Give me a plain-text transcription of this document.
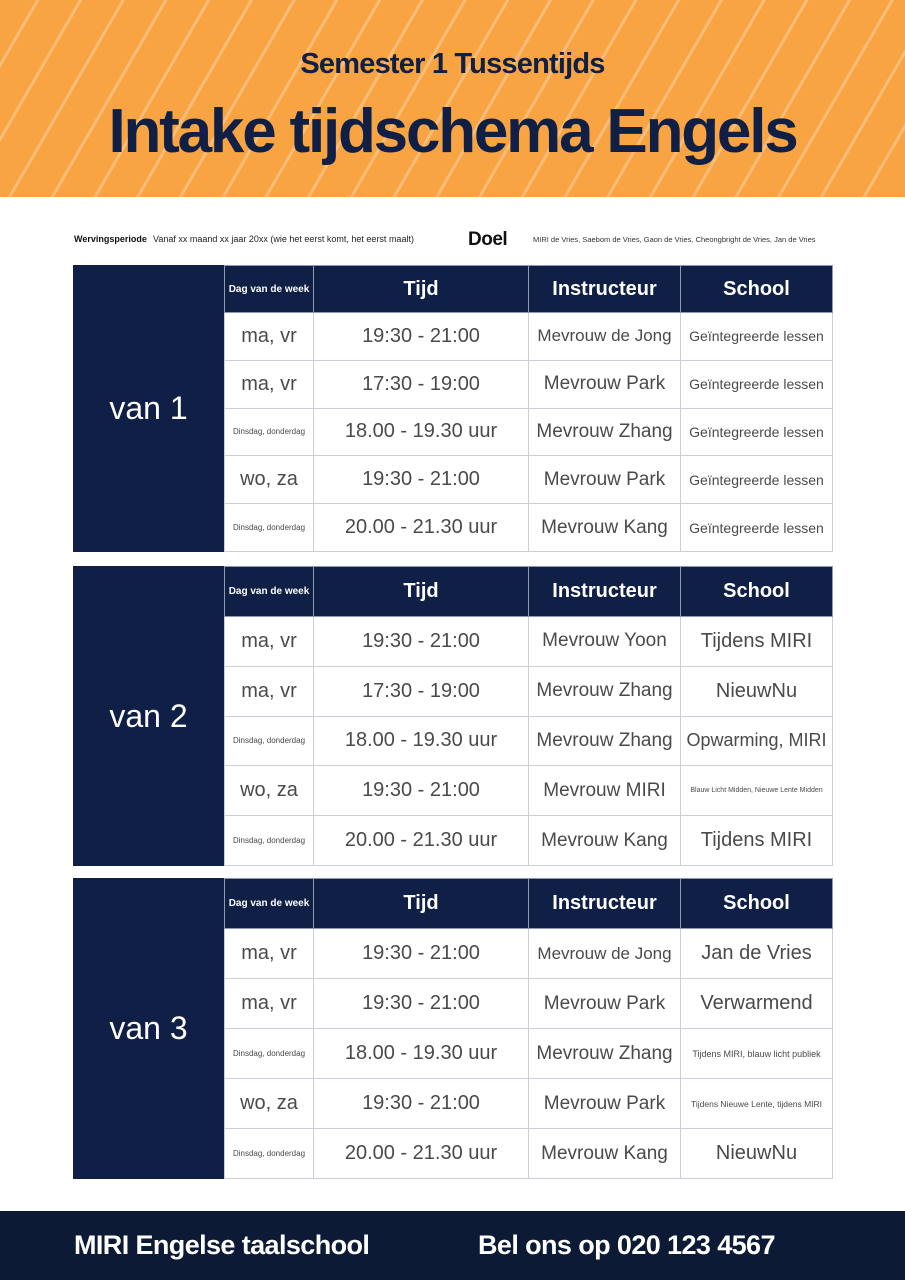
Semester 1 Tussentijds
Intake tijdschema Engels
Wervingsperiode Vanaf xx maand xx jaar 20xx (wie het eerst komt, het eerst maalt)	Doel	MIRI de Vries, Saebom de Vries, Gaon de Vries, Cheongbright de Vries, Jan de Vries
van 1
Dag van de week	Tijd	Instructeur	School
ma, vr	19:30 - 21:00	Mevrouw de Jong	Geïntegreerde lessen
ma, vr	17:30 - 19:00	Mevrouw Park	Geïntegreerde lessen
Dinsdag, donderdag	18.00 - 19.30 uur	Mevrouw Zhang	Geïntegreerde lessen
wo, za	19:30 - 21:00	Mevrouw Park	Geïntegreerde lessen
Dinsdag, donderdag	20.00 - 21.30 uur	Mevrouw Kang	Geïntegreerde lessen
van 2
Dag van de week	Tijd	Instructeur	School
ma, vr	19:30 - 21:00	Mevrouw Yoon	Tijdens MIRI
ma, vr	17:30 - 19:00	Mevrouw Zhang	NieuwNu
Dinsdag, donderdag	18.00 - 19.30 uur	Mevrouw Zhang	Opwarming, MIRI
wo, za	19:30 - 21:00	Mevrouw MIRI	Blauw Licht Midden, Nieuwe Lente Midden
Dinsdag, donderdag	20.00 - 21.30 uur	Mevrouw Kang	Tijdens MIRI
van 3
Dag van de week	Tijd	Instructeur	School
ma, vr	19:30 - 21:00	Mevrouw de Jong	Jan de Vries
ma, vr	19:30 - 21:00	Mevrouw Park	Verwarmend
Dinsdag, donderdag	18.00 - 19.30 uur	Mevrouw Zhang	Tijdens MIRI, blauw licht publiek
wo, za	19:30 - 21:00	Mevrouw Park	Tijdens Nieuwe Lente, tijdens MIRI
Dinsdag, donderdag	20.00 - 21.30 uur	Mevrouw Kang	NieuwNu
MIRI Engelse taalschool	Bel ons op 020 123 4567
